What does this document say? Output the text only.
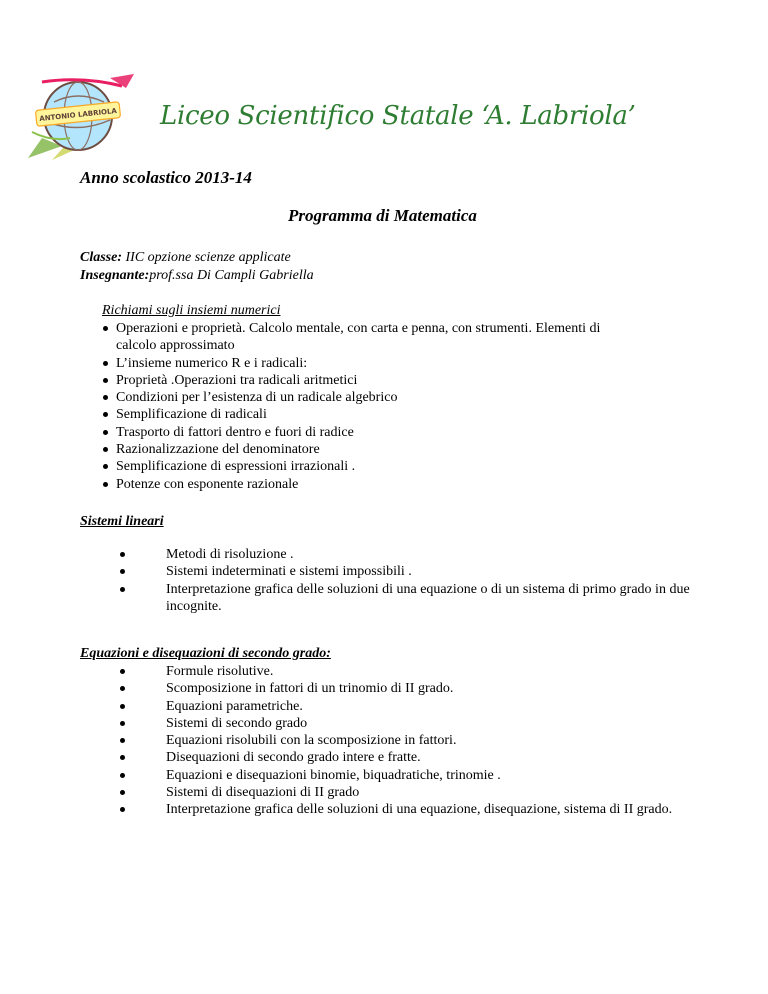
ANTONIO LABRIOLA Liceo Scientifico Statale ‘A. Labriola’
Anno scolastico 2013-14
Programma di Matematica
Classe: IIC opzione scienze applicate
Insegnante:prof.ssa Di Campli Gabriella
Richiami sugli insiemi numerici
Operazioni e proprietà. Calcolo mentale, con carta e penna, con strumenti. Elementi di calcolo approssimato
L’insieme numerico R e i radicali:
Proprietà .Operazioni tra radicali aritmetici
Condizioni per l’esistenza di un radicale algebrico
Semplificazione di radicali
Trasporto di fattori dentro e fuori di radice
Razionalizzazione del denominatore
Semplificazione di espressioni irrazionali .
Potenze con esponente razionale
Sistemi lineari
Metodi di risoluzione .
Sistemi indeterminati e sistemi impossibili .
Interpretazione grafica delle soluzioni di una equazione o di un sistema di primo grado in due incognite.
Equazioni e disequazioni di secondo grado:
Formule risolutive.
Scomposizione in fattori di un trinomio di II grado.
Equazioni parametriche.
Sistemi di secondo grado
Equazioni risolubili con la scomposizione in fattori.
Disequazioni di secondo grado intere e fratte.
Equazioni e disequazioni binomie, biquadratiche, trinomie .
Sistemi di disequazioni di II grado
Interpretazione grafica delle soluzioni di una equazione, disequazione, sistema di II grado.
